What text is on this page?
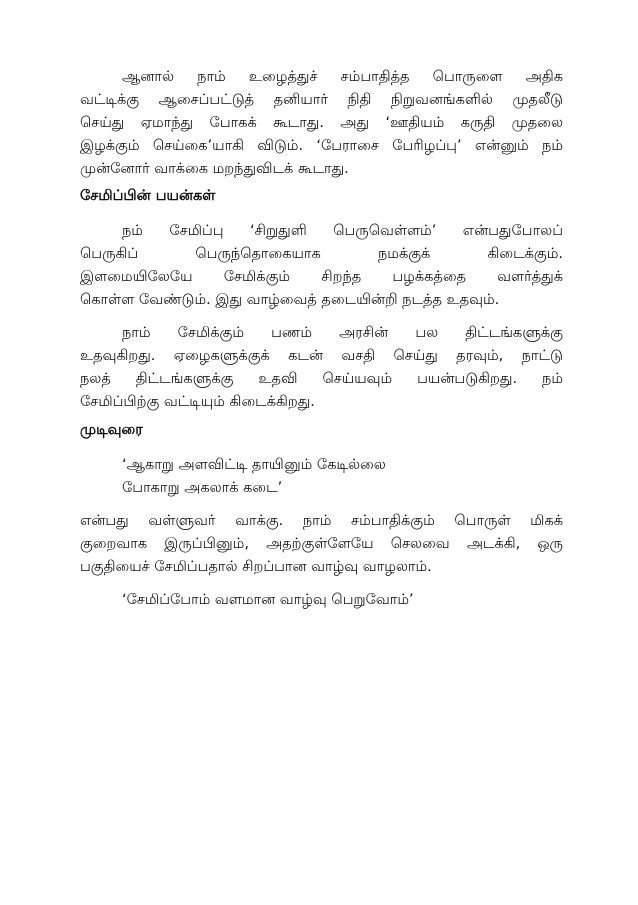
ஆனால் நாம் உழைத்துச் சம்பாதித்த பொருளை அதிக
வட்டிக்கு ஆசைப்பட்டுத் தனியார் நிதி நிறுவனங்களில் முதலீடு
செய்து ஏமாந்து போகக் கூடாது. அது ‘ஊதியம் கருதி முதலை
இழக்கும் செய்கை’யாகி விடும். ‘பேராசை பேரிழப்பு’ என்னும் நம்
முன்னோர் வாக்கை மறந்துவிடக் கூடாது.
சேமிப்பின் பயன்கள்
நம் சேமிப்பு ‘சிறுதுளி பெருவெள்ளம்’ என்பதுபோலப்
பெருகிப் பெருந்தொகையாக நமக்குக் கிடைக்கும்.
இளமையிலேயே சேமிக்கும் சிறந்த பழக்கத்தை வளர்த்துக்
கொள்ள வேண்டும். இது வாழ்வைத் தடையின்றி நடத்த உதவும்.
நாம் சேமிக்கும் பணம் அரசின் பல திட்டங்களுக்கு
உதவுகிறது. ஏழைகளுக்குக் கடன் வசதி செய்து தரவும், நாட்டு
நலத் திட்டங்களுக்கு உதவி செய்யவும் பயன்படுகிறது. நம்
சேமிப்பிற்கு வட்டியும் கிடைக்கிறது.
முடிவுரை
‘ஆகாறு அளவிட்டி தாயினும் கேடில்லை
போகாறு அகலாக் கடை’
என்பது வள்ளுவர் வாக்கு. நாம் சம்பாதிக்கும் பொருள் மிகக்
குறைவாக இருப்பினும், அதற்குள்ளேயே செலவை அடக்கி, ஒரு
பகுதியைச் சேமிப்பதால் சிறப்பான வாழ்வு வாழலாம்.
‘சேமிப்போம் வளமான வாழ்வு பெறுவோம்’
